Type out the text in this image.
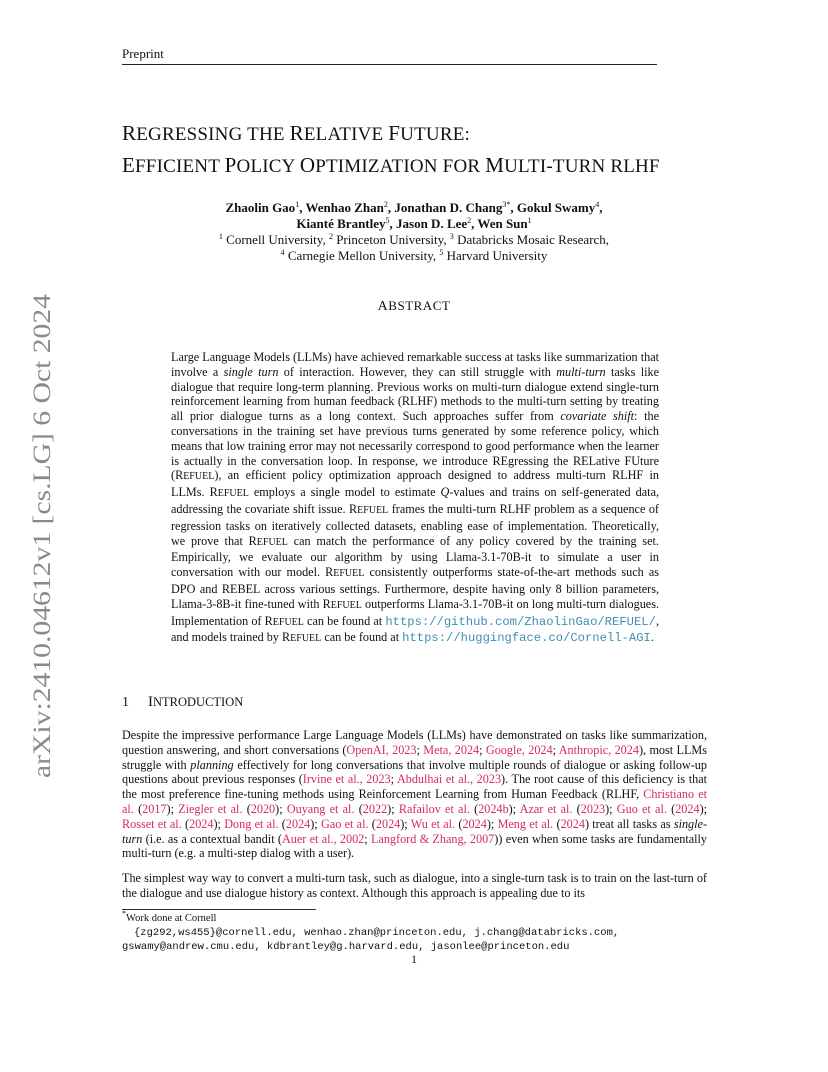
Preprint
arXiv:2410.04612v1 [cs.LG] 6 Oct 2024
REGRESSING THE RELATIVE FUTURE:
EFFICIENT POLICY OPTIMIZATION FOR MULTI-TURN RLHF
Zhaolin Gao$^1$, Wenhao Zhan$^2$, Jonathan D. Chang$^{3*}$, Gokul Swamy$^4$,
Kianté Brantley$^5$, Jason D. Lee$^2$, Wen Sun$^1$
$^1$ Cornell University, $^2$ Princeton University, $^3$ Databricks Mosaic Research,
$^4$ Carnegie Mellon University, $^5$ Harvard University
ABSTRACT
Large Language Models (LLMs) have achieved remarkable success at tasks like summarization that involve a single turn of interaction. However, they can still struggle with multi-turn tasks like dialogue that require long-term planning. Previous works on multi-turn dialogue extend single-turn reinforcement learning from human feedback (RLHF) methods to the multi-turn setting by treating all prior dialogue turns as a long context. Such approaches suffer from covariate shift: the conversations in the training set have previous turns generated by some reference policy, which means that low training error may not necessarily correspond to good performance when the learner is actually in the conversation loop. In response, we introduce REgressing the RELative FUture (REFUEL), an efficient policy optimization approach designed to address multi-turn RLHF in LLMs. REFUEL employs a single model to estimate Q-values and trains on self-generated data, addressing the covariate shift issue. REFUEL frames the multi-turn RLHF problem as a sequence of regression tasks on iteratively collected datasets, enabling ease of implementation. Theoretically, we prove that REFUEL can match the performance of any policy covered by the training set. Empirically, we evaluate our algorithm by using Llama-3.1-70B-it to simulate a user in conversation with our model. REFUEL consistently outperforms state-of-the-art methods such as DPO and REBEL across various settings. Furthermore, despite having only 8 billion parameters, Llama-3-8B-it fine-tuned with REFUEL outperforms Llama-3.1-70B-it on long multi-turn dialogues. Implementation of REFUEL can be found at https://github.com/ZhaolinGao/REFUEL/, and models trained by REFUEL can be found at https://huggingface.co/Cornell-AGI.
1 INTRODUCTION
Despite the impressive performance Large Language Models (LLMs) have demonstrated on tasks like summarization, question answering, and short conversations (OpenAI, 2023; Meta, 2024; Google, 2024; Anthropic, 2024), most LLMs struggle with planning effectively for long conversations that involve multiple rounds of dialogue or asking follow-up questions about previous responses (Irvine et al., 2023; Abdulhai et al., 2023). The root cause of this deficiency is that the most preference fine-tuning methods using Reinforcement Learning from Human Feedback (RLHF, Christiano et al. (2017); Ziegler et al. (2020); Ouyang et al. (2022); Rafailov et al. (2024b); Azar et al. (2023); Guo et al. (2024); Rosset et al. (2024); Dong et al. (2024); Gao et al. (2024); Wu et al. (2024); Meng et al. (2024) treat all tasks as single-turn (i.e. as a contextual bandit (Auer et al., 2002; Langford & Zhang, 2007)) even when some tasks are fundamentally multi-turn (e.g. a multi-step dialog with a user).
The simplest way way to convert a multi-turn task, such as dialogue, into a single-turn task is to train on the last-turn of the dialogue and use dialogue history as context. Although this approach is appealing due to its
*Work done at Cornell
{zg292,ws455}@cornell.edu, wenhao.zhan@princeton.edu, j.chang@databricks.com,
gswamy@andrew.cmu.edu, kdbrantley@g.harvard.edu, jasonlee@princeton.edu
1
